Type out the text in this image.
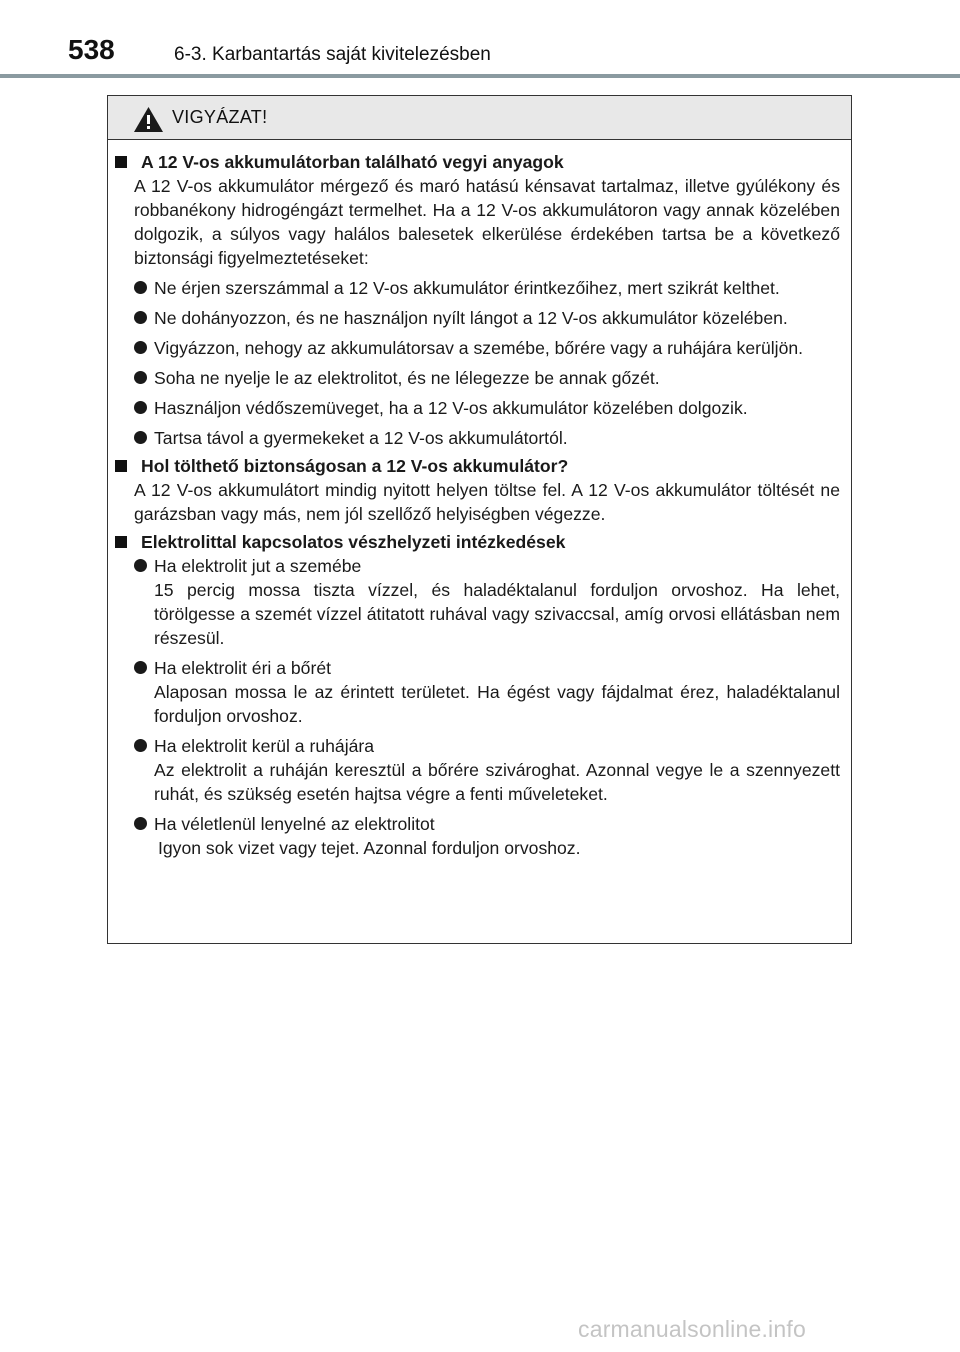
538	6-3. Karbantartás saját kivitelezésben
VIGYÁZAT!
A 12 V-os akkumulátorban található vegyi anyagok
A 12 V-os akkumulátor mérgező és maró hatású kénsavat tartalmaz, illetve gyúlékony és robbanékony hidrogéngázt termelhet. Ha a 12 V-os akkumulátoron vagy annak közelében dolgozik, a súlyos vagy halálos balesetek elkerülése érdekében tartsa be a következő biztonsági figyelmeztetéseket:
Ne érjen szerszámmal a 12 V-os akkumulátor érintkezőihez, mert szikrát kelthet.
Ne dohányozzon, és ne használjon nyílt lángot a 12 V-os akkumulátor közelében.
Vigyázzon, nehogy az akkumulátorsav a szemébe, bőrére vagy a ruhájára kerüljön.
Soha ne nyelje le az elektrolitot, és ne lélegezze be annak gőzét.
Használjon védőszemüveget, ha a 12 V-os akkumulátor közelében dolgozik.
Tartsa távol a gyermekeket a 12 V-os akkumulátortól.
Hol tölthető biztonságosan a 12 V-os akkumulátor?
A 12 V-os akkumulátort mindig nyitott helyen töltse fel. A 12 V-os akkumulátor töltését ne garázsban vagy más, nem jól szellőző helyiségben végezze.
Elektrolittal kapcsolatos vészhelyzeti intézkedések
Ha elektrolit jut a szemébe
15 percig mossa tiszta vízzel, és haladéktalanul forduljon orvoshoz. Ha lehet, törölgesse a szemét vízzel átitatott ruhával vagy szivaccsal, amíg orvosi ellátásban nem részesül.
Ha elektrolit éri a bőrét
Alaposan mossa le az érintett területet. Ha égést vagy fájdalmat érez, haladéktalanul forduljon orvoshoz.
Ha elektrolit kerül a ruhájára
Az elektrolit a ruháján keresztül a bőrére szivároghat. Azonnal vegye le a szennyezett ruhát, és szükség esetén hajtsa végre a fenti műveleteket.
Ha véletlenül lenyelné az elektrolitot
Igyon sok vizet vagy tejet. Azonnal forduljon orvoshoz.
carmanualsonline.info
